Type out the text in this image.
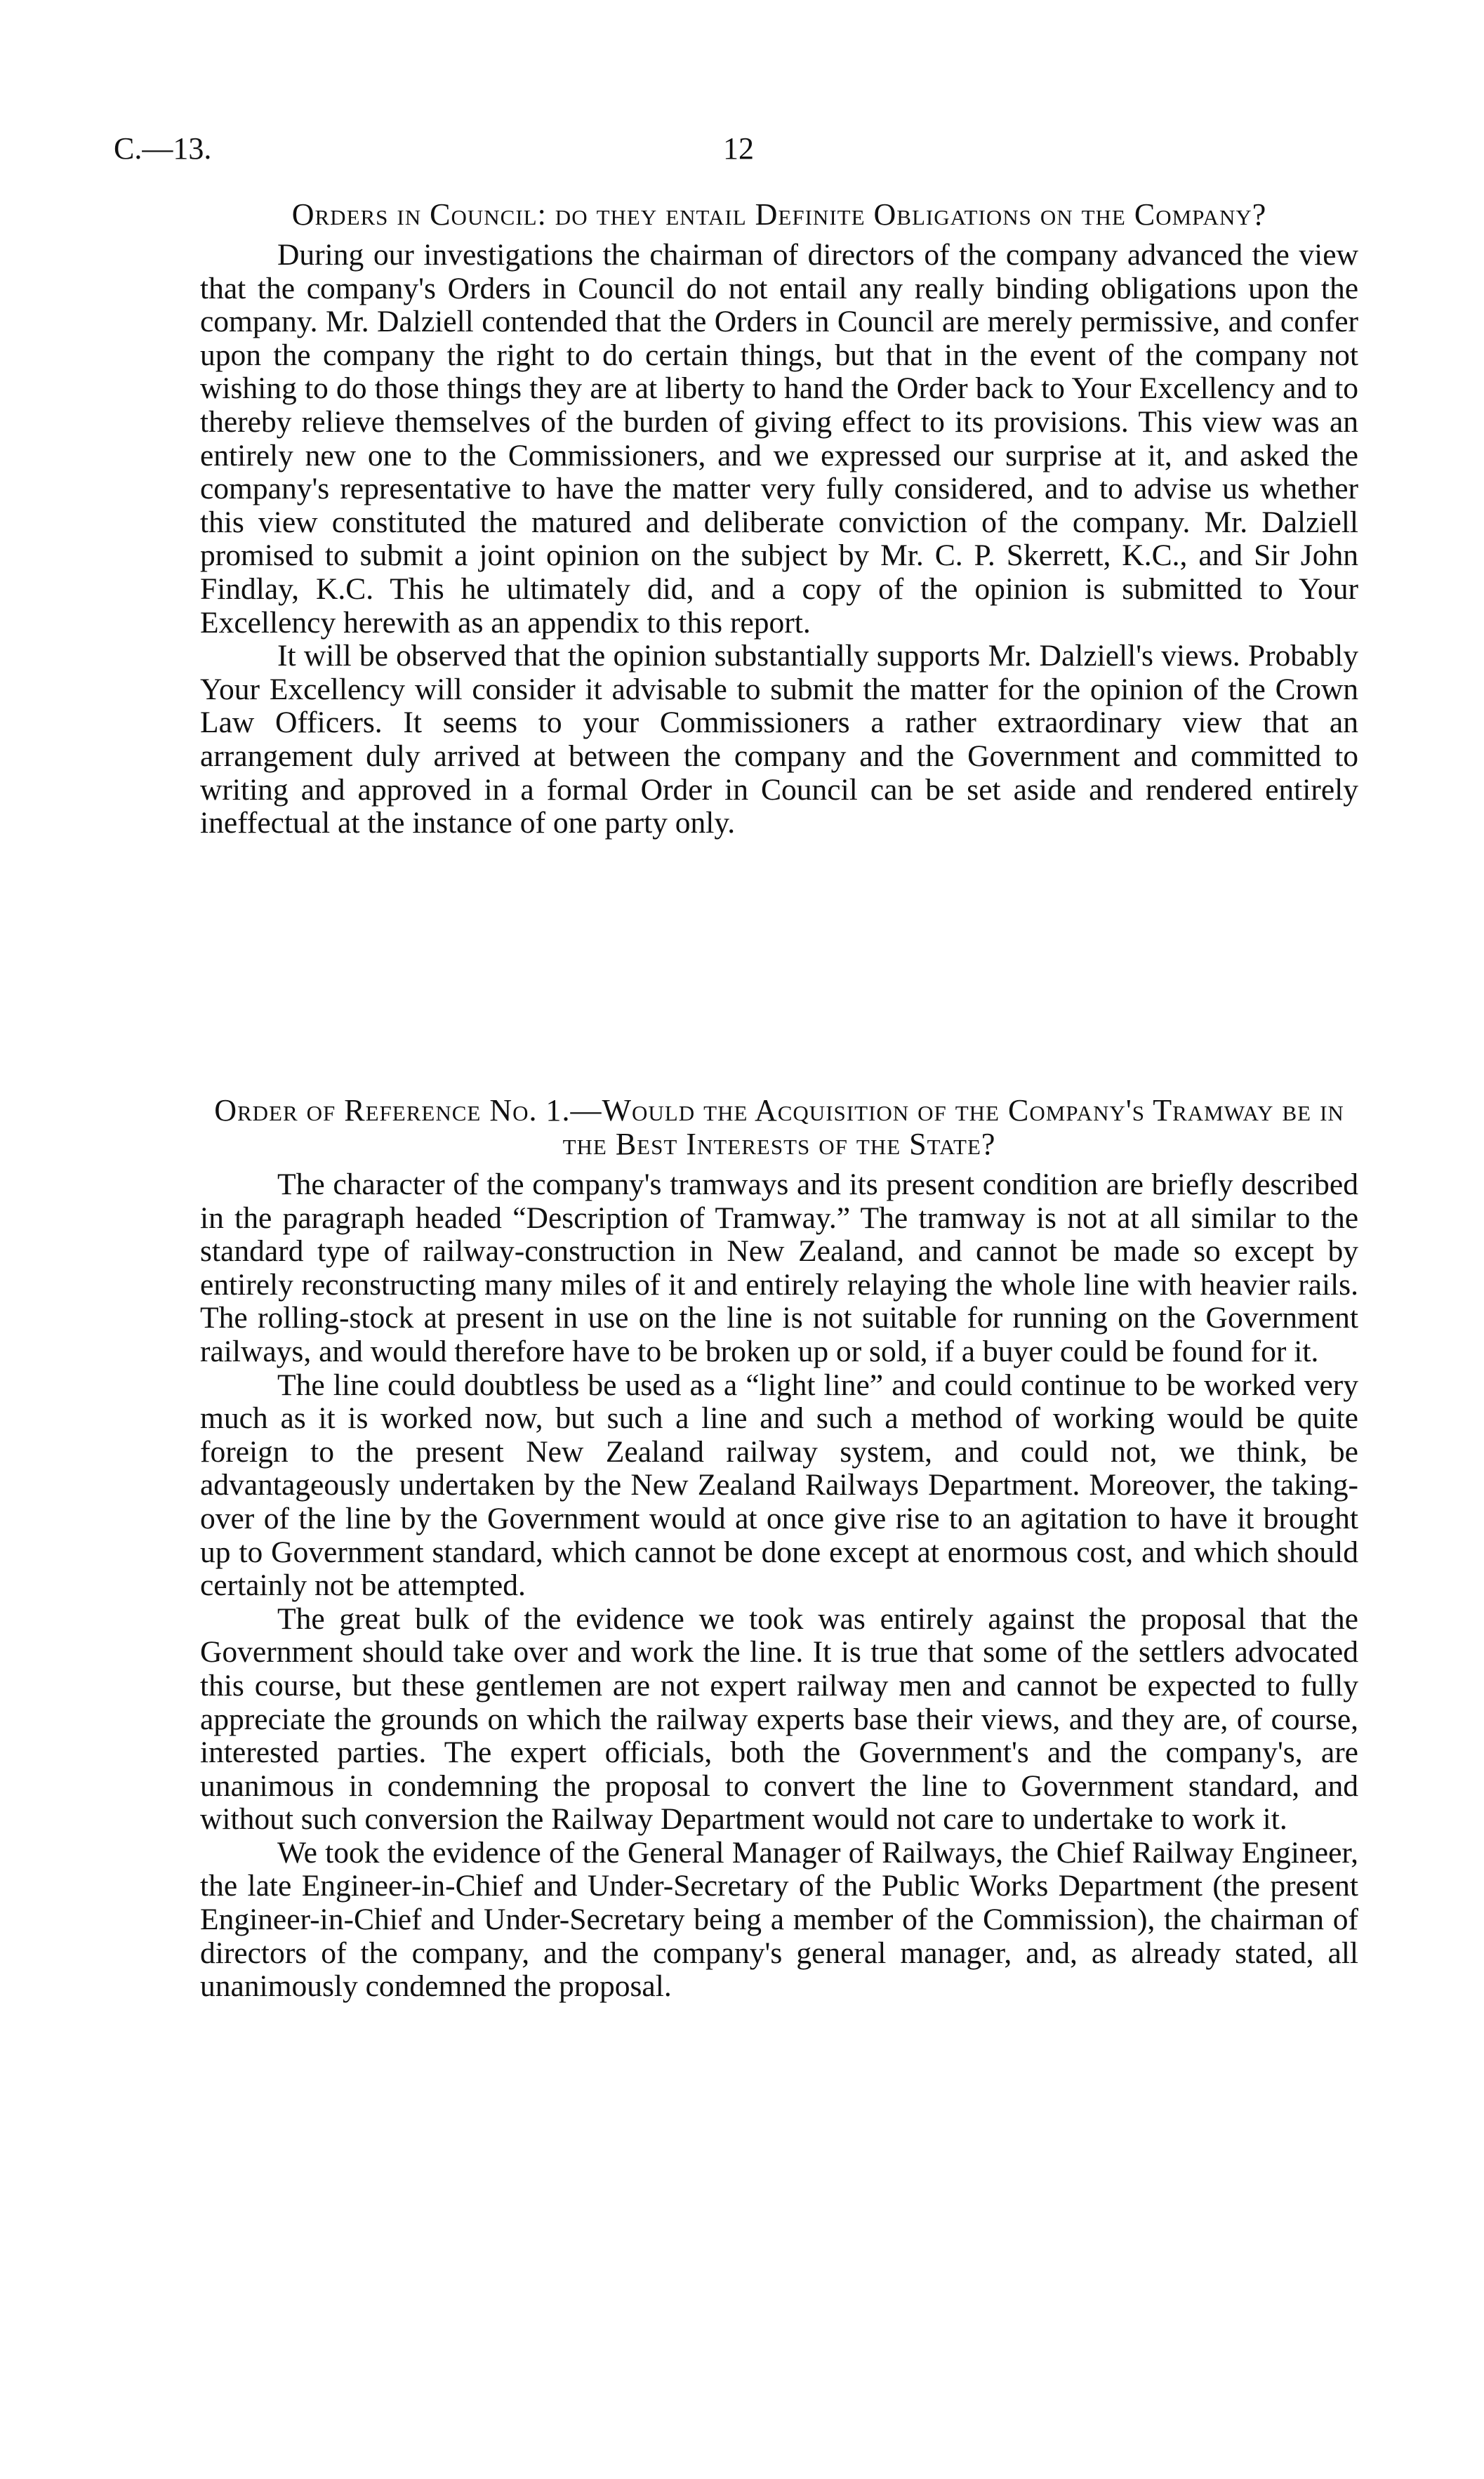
C.—13.	12
Orders in Council: do they entail Definite Obligations on the Company?

During our investigations the chairman of directors of the company advanced the view that the company's Orders in Council do not entail any really binding obligations upon the company. Mr. Dalziell contended that the Orders in Council are merely permissive, and confer upon the company the right to do certain things, but that in the event of the company not wishing to do those things they are at liberty to hand the Order back to Your Excellency and to thereby relieve themselves of the burden of giving effect to its provisions. This view was an entirely new one to the Commissioners, and we expressed our surprise at it, and asked the company's representative to have the matter very fully considered, and to advise us whether this view constituted the matured and deliberate conviction of the company. Mr. Dalziell promised to submit a joint opinion on the subject by Mr. C. P. Skerrett, K.C., and Sir John Findlay, K.C. This he ultimately did, and a copy of the opinion is submitted to Your Excellency herewith as an appendix to this report.

It will be observed that the opinion substantially supports Mr. Dalziell's views. Probably Your Excellency will consider it advisable to submit the matter for the opinion of the Crown Law Officers. It seems to your Commissioners a rather extraordinary view that an arrangement duly arrived at between the company and the Government and committed to writing and approved in a formal Order in Council can be set aside and rendered entirely ineffectual at the instance of one party only.

Order of Reference No. 1.—Would the Acquisition of the Company's Tramway be in the Best Interests of the State?

The character of the company's tramways and its present condition are briefly described in the paragraph headed “Description of Tramway.” The tramway is not at all similar to the standard type of railway-construction in New Zealand, and cannot be made so except by entirely reconstructing many miles of it and entirely relaying the whole line with heavier rails. The rolling-stock at present in use on the line is not suitable for running on the Government railways, and would therefore have to be broken up or sold, if a buyer could be found for it.

The line could doubtless be used as a “light line” and could continue to be worked very much as it is worked now, but such a line and such a method of working would be quite foreign to the present New Zealand railway system, and could not, we think, be advantageously undertaken by the New Zealand Railways Department. Moreover, the taking-over of the line by the Government would at once give rise to an agitation to have it brought up to Government standard, which cannot be done except at enormous cost, and which should certainly not be attempted.

The great bulk of the evidence we took was entirely against the proposal that the Government should take over and work the line. It is true that some of the settlers advocated this course, but these gentlemen are not expert railway men and cannot be expected to fully appreciate the grounds on which the railway experts base their views, and they are, of course, interested parties. The expert officials, both the Government's and the company's, are unanimous in condemning the proposal to convert the line to Government standard, and without such conversion the Railway Department would not care to undertake to work it.

We took the evidence of the General Manager of Railways, the Chief Railway Engineer, the late Engineer-in-Chief and Under-Secretary of the Public Works Department (the present Engineer-in-Chief and Under-Secretary being a member of the Commission), the chairman of directors of the company, and the company's general manager, and, as already stated, all unanimously condemned the proposal.
